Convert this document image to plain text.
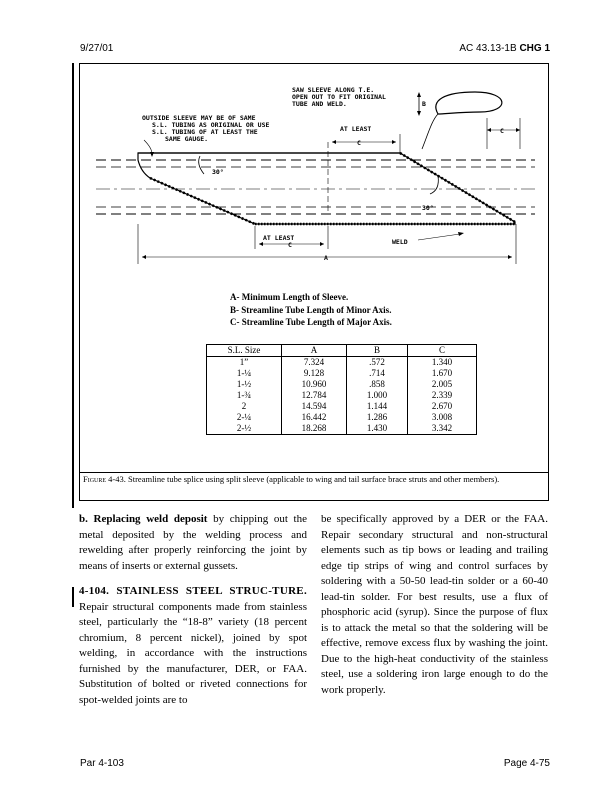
9/27/01	AC 43.13-1B CHG 1
SAW SLEEVE ALONG T.E.
OPEN OUT TO FIT ORIGINAL
TUBE AND WELD.
OUTSIDE SLEEVE MAY BE OF SAME
S.L. TUBING AS ORIGINAL OR USE
S.L. TUBING OF AT LEAST THE
SAME GAUGE.
AT LEAST
C
AT LEAST
C
A
B
C
30°
30°
WELD
A- Minimum Length of Sleeve.
B- Streamline Tube Length of Minor Axis.
C- Streamline Tube Length of Major Axis.
S.L. Size	A	B	C
1”	7.324	.572	1.340
1-¼	9.128	.714	1.670
1-½	10.960	.858	2.005
1-¾	12.784	1.000	2.339
2	14.594	1.144	2.670
2-¼	16.442	1.286	3.008
2-½	18.268	1.430	3.342
Figure 4-43. Streamline tube splice using split sleeve (applicable to wing and tail surface brace struts and other members).

b. Replacing weld deposit by chipping out the metal deposited by the welding process and rewelding after properly reinforcing the joint by means of inserts or external gussets.

4-104. STAINLESS STEEL STRUC-TURE. Repair structural components made from stainless steel, particularly the “18-8” variety (18 percent chromium, 8 percent nickel), joined by spot welding, in accordance with the instructions furnished by the manufacturer, DER, or FAA. Substitution of bolted or riveted connections for spot-welded joints are to

be specifically approved by a DER or the FAA. Repair secondary structural and non-structural elements such as tip bows or leading and trailing edge tip strips of wing and control surfaces by soldering with a 50-50 lead-tin solder or a 60-40 lead-tin solder. For best results, use a flux of phosphoric acid (syrup). Since the purpose of flux is to attack the metal so that the soldering will be effective, remove excess flux by washing the joint. Due to the high-heat conductivity of the stainless steel, use a soldering iron large enough to do the work properly.

Par 4-103	Page 4-75
